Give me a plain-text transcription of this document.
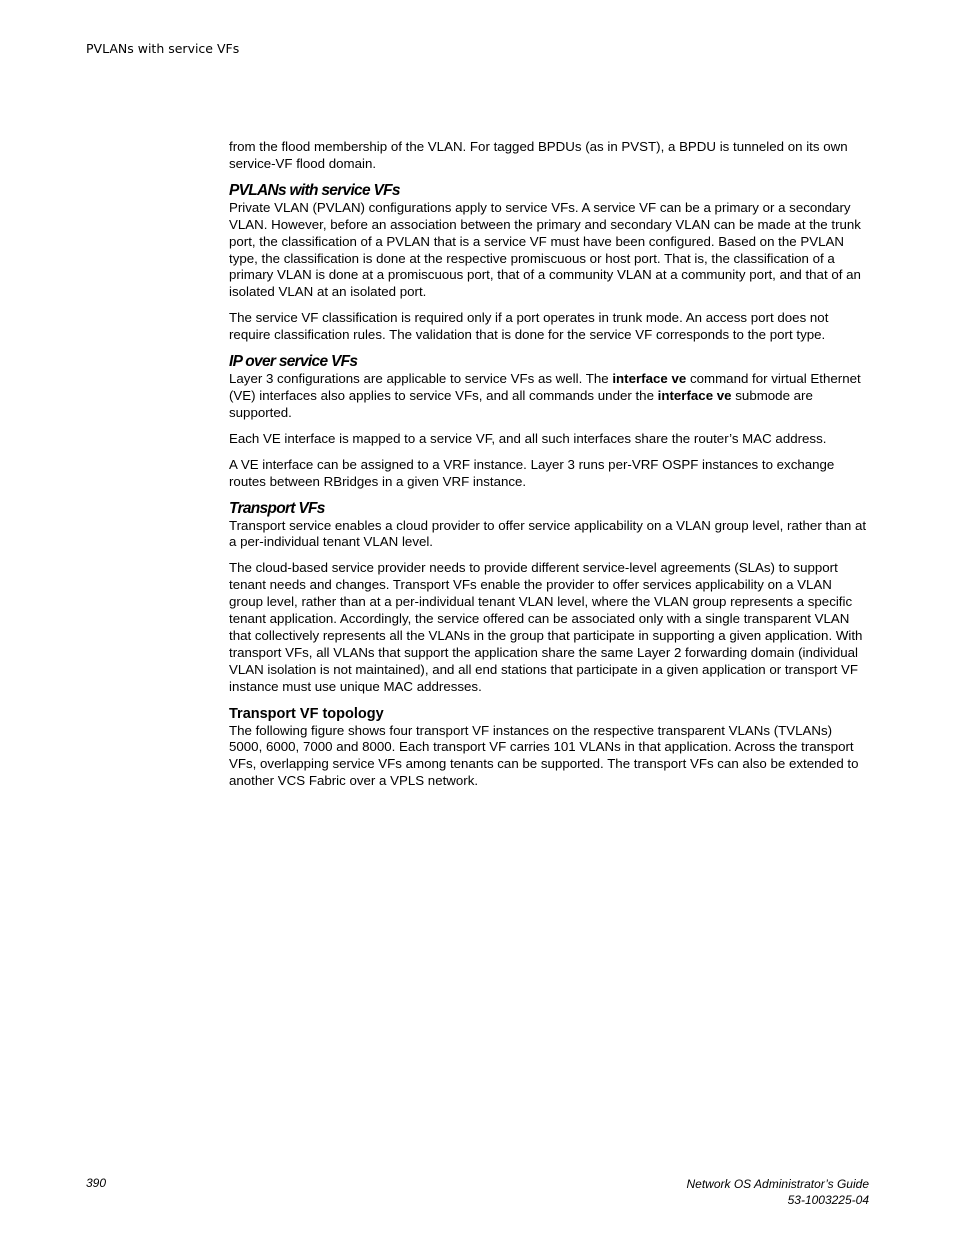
PVLANs with service VFs

from the flood membership of the VLAN. For tagged BPDUs (as in PVST), a BPDU is tunneled on its own service-VF flood domain.

PVLANs with service VFs

Private VLAN (PVLAN) configurations apply to service VFs. A service VF can be a primary or a secondary VLAN. However, before an association between the primary and secondary VLAN can be made at the trunk port, the classification of a PVLAN that is a service VF must have been configured. Based on the PVLAN type, the classification is done at the respective promiscuous or host port. That is, the classification of a primary VLAN is done at a promiscuous port, that of a community VLAN at a community port, and that of an isolated VLAN at an isolated port.

The service VF classification is required only if a port operates in trunk mode. An access port does not require classification rules. The validation that is done for the service VF corresponds to the port type.

IP over service VFs

Layer 3 configurations are applicable to service VFs as well. The interface ve command for virtual Ethernet (VE) interfaces also applies to service VFs, and all commands under the interface ve submode are supported.

Each VE interface is mapped to a service VF, and all such interfaces share the router’s MAC address.

A VE interface can be assigned to a VRF instance. Layer 3 runs per-VRF OSPF instances to exchange routes between RBridges in a given VRF instance.

Transport VFs

Transport service enables a cloud provider to offer service applicability on a VLAN group level, rather than at a per-individual tenant VLAN level.

The cloud-based service provider needs to provide different service-level agreements (SLAs) to support tenant needs and changes. Transport VFs enable the provider to offer services applicability on a VLAN group level, rather than at a per-individual tenant VLAN level, where the VLAN group represents a specific tenant application. Accordingly, the service offered can be associated only with a single transparent VLAN that collectively represents all the VLANs in the group that participate in supporting a given application. With transport VFs, all VLANs that support the application share the same Layer 2 forwarding domain (individual VLAN isolation is not maintained), and all end stations that participate in a given application or transport VF instance must use unique MAC addresses.

Transport VF topology

The following figure shows four transport VF instances on the respective transparent VLANs (TVLANs) 5000, 6000, 7000 and 8000. Each transport VF carries 101 VLANs in that application. Across the transport VFs, overlapping service VFs among tenants can be supported. The transport VFs can also be extended to another VCS Fabric over a VPLS network.

390	Network OS Administrator’s Guide
53-1003225-04
